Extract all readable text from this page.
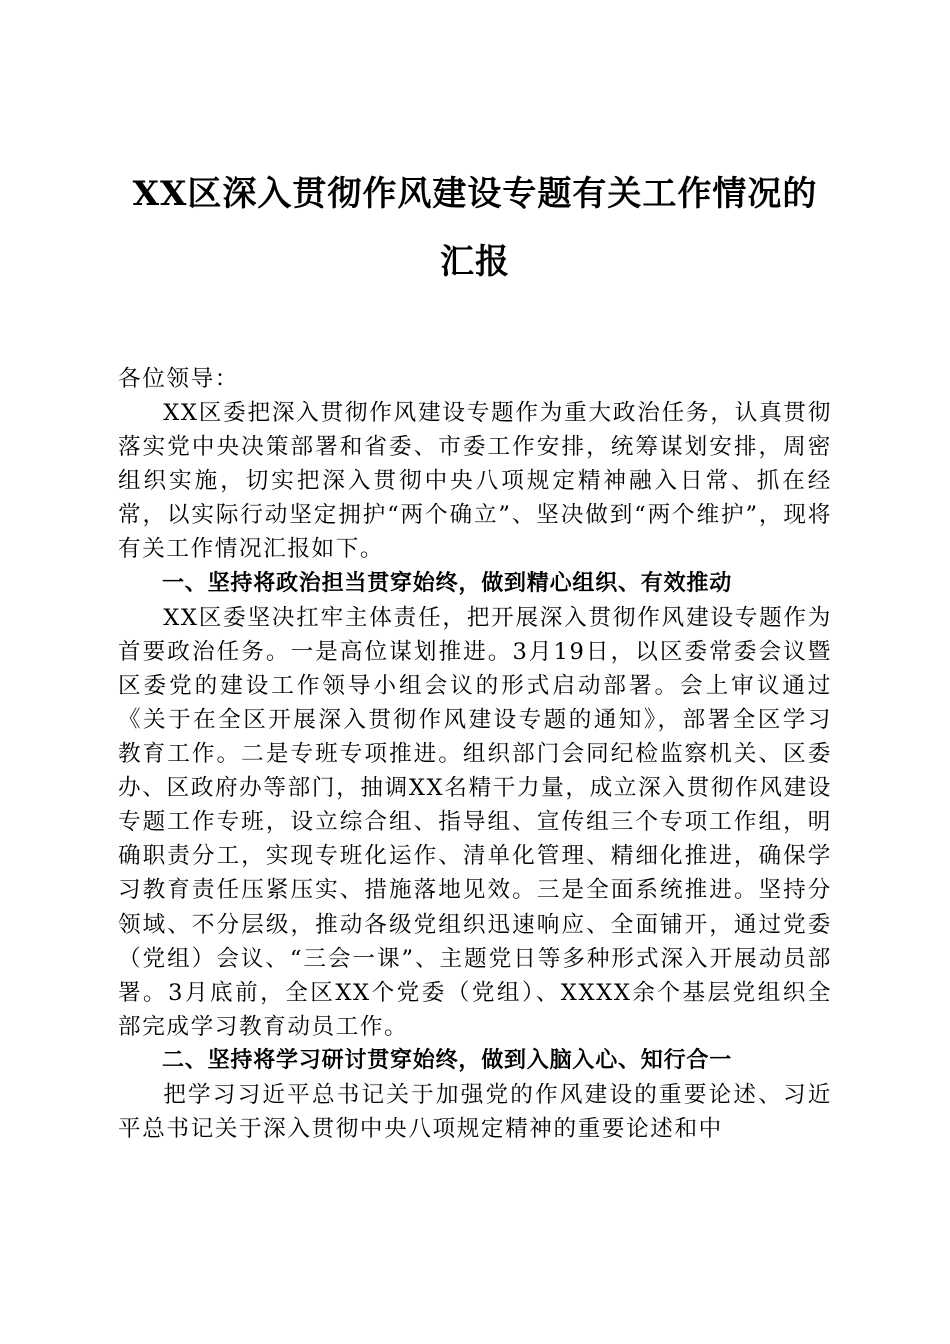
XX区深入贯彻作风建设专题有关工作情况的
汇报

各位领导：

XX区委把深入贯彻作风建设专题作为重大政治任务，认真贯彻落实党中央决策部署和省委、市委工作安排，统筹谋划安排，周密组织实施，切实把深入贯彻中央八项规定精神融入日常、抓在经常，以实际行动坚定拥护“两个确立”、坚决做到“两个维护”，现将有关工作情况汇报如下。

一、坚持将政治担当贯穿始终，做到精心组织、有效推动

XX区委坚决扛牢主体责任，把开展深入贯彻作风建设专题作为首要政治任务。一是高位谋划推进。3月19日，以区委常委会议暨区委党的建设工作领导小组会议的形式启动部署。会上审议通过《关于在全区开展深入贯彻作风建设专题的通知》，部署全区学习教育工作。二是专班专项推进。组织部门会同纪检监察机关、区委办、区政府办等部门，抽调XX名精干力量，成立深入贯彻作风建设专题工作专班，设立综合组、指导组、宣传组三个专项工作组，明确职责分工，实现专班化运作、清单化管理、精细化推进，确保学习教育责任压紧压实、措施落地见效。三是全面系统推进。坚持分领域、不分层级，推动各级党组织迅速响应、全面铺开，通过党委（党组）会议、“三会一课”、主题党日等多种形式深入开展动员部署。3月底前，全区XX个党委（党组）、XXXX余个基层党组织全部完成学习教育动员工作。

二、坚持将学习研讨贯穿始终，做到入脑入心、知行合一

把学习习近平总书记关于加强党的作风建设的重要论述、习近平总书记关于深入贯彻中央八项规定精神的重要论述和中
